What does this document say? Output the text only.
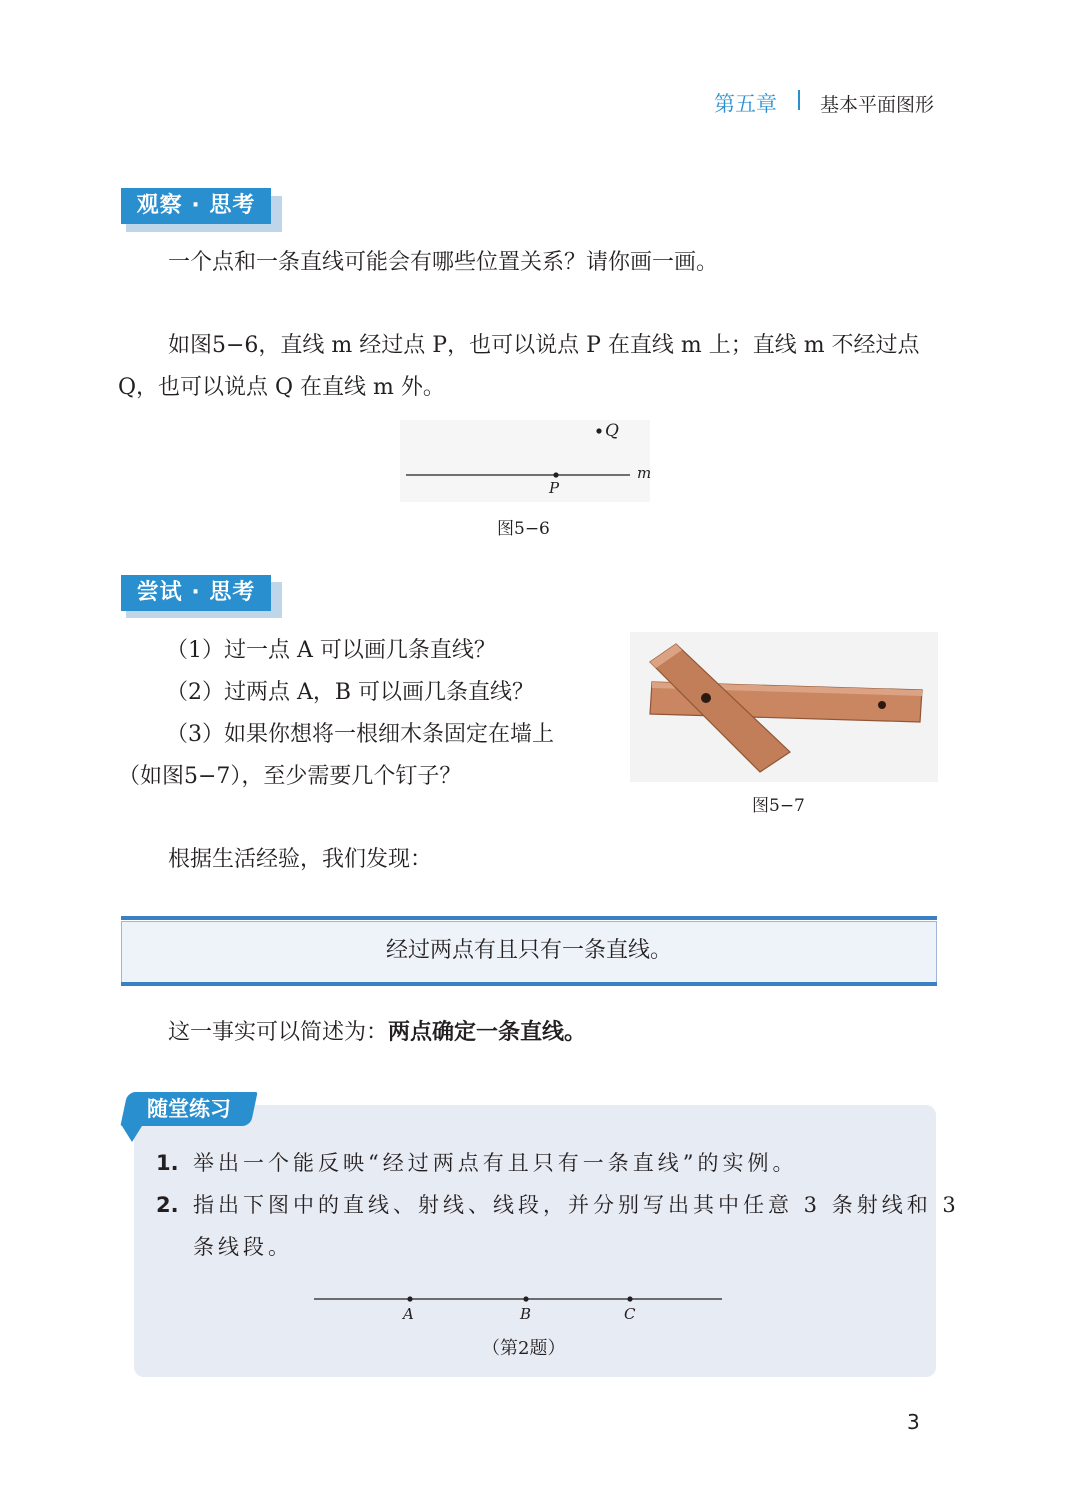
第五章 基本平面图形
观察 · 思考
一个点和一条直线可能会有哪些位置关系？请你画一画。
如图5−6，直线 m 经过点 P，也可以说点 P 在直线 m 上；直线 m 不经过点
Q，也可以说点 Q 在直线 m 外。
Q
P
m
图5−6
尝试 · 思考
（1）过一点 A 可以画几条直线？
（2）过两点 A，B 可以画几条直线？
（3）如果你想将一根细木条固定在墙上
（如图5−7），至少需要几个钉子？
图5−7
根据生活经验，我们发现：
经过两点有且只有一条直线。
这一事实可以简述为：两点确定一条直线。
随堂练习
1. 举出一个能反映“经过两点有且只有一条直线”的实例。
2. 指出下图中的直线、射线、线段，并分别写出其中任意 3 条射线和 3
条线段。
A	B	C
（第2题）
3
